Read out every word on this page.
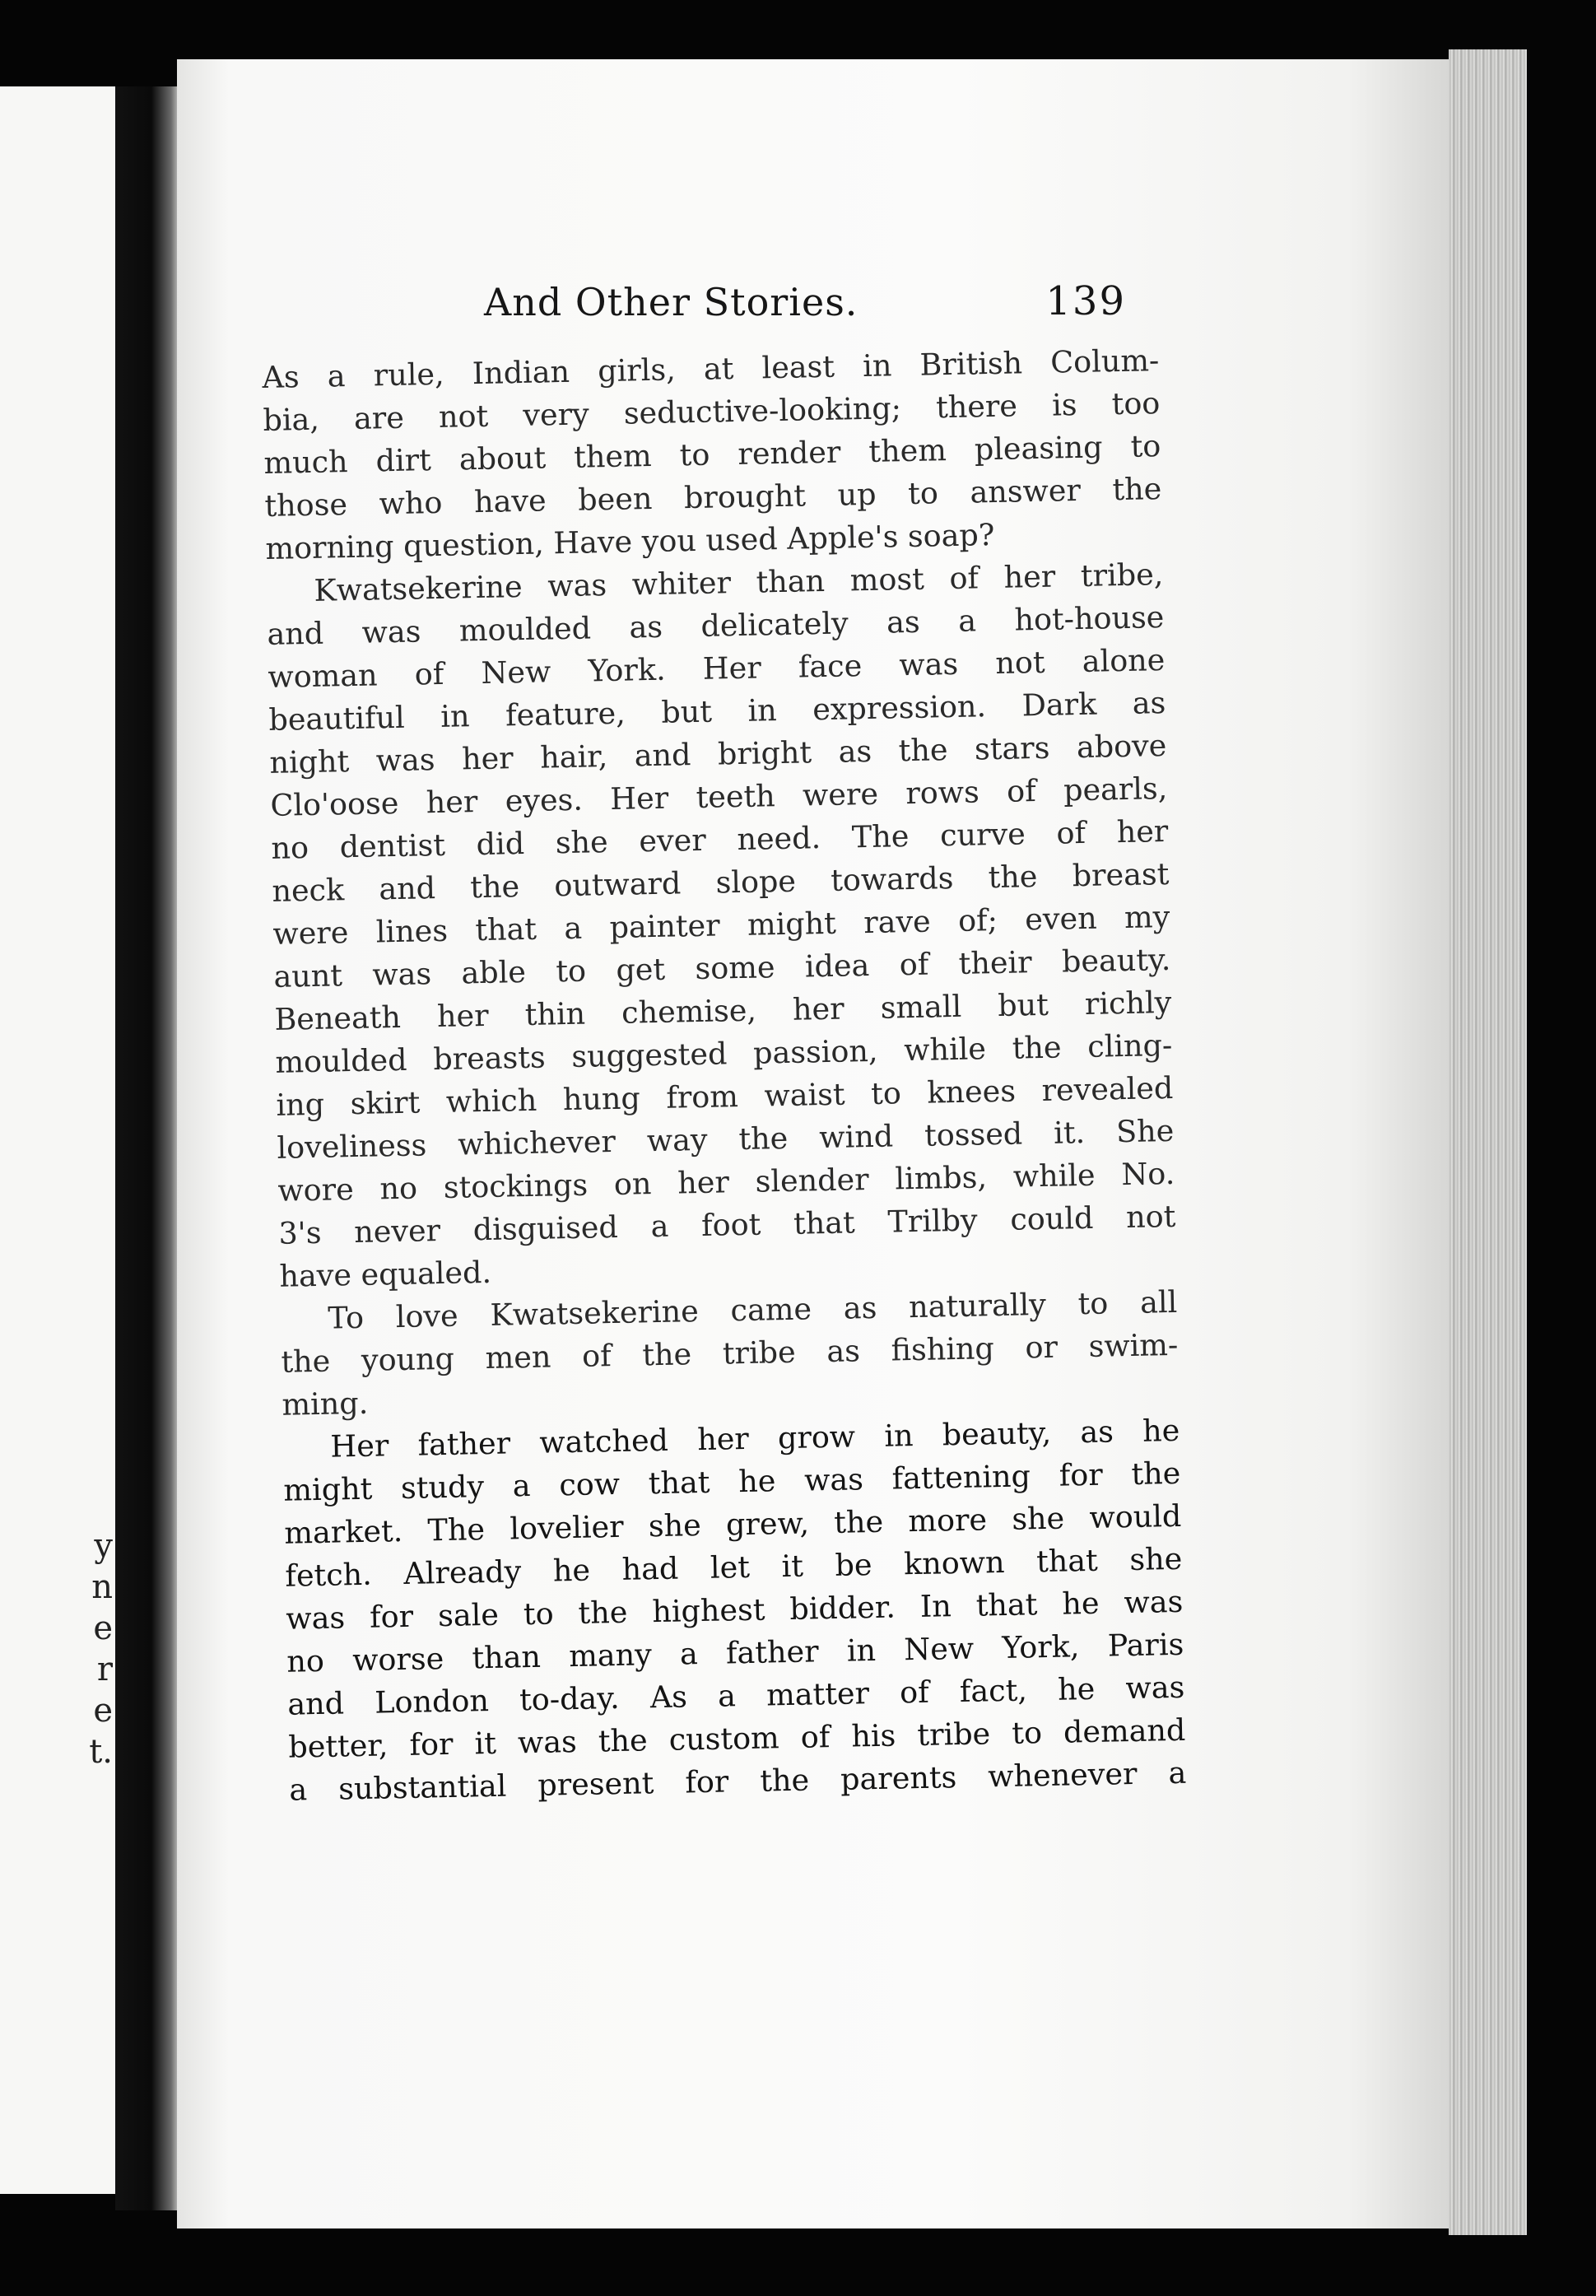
y
n
e
r
e
t.
And Other Stories.	139
As a rule, Indian girls, at least in British Colum-
bia, are not very seductive-looking; there is too
much dirt about them to render them pleasing to
those who have been brought up to answer the
morning question, Have you used Apple's soap?
Kwatsekerine was whiter than most of her tribe,
and was moulded as delicately as a hot-house
woman of New York. Her face was not alone
beautiful in feature, but in expression. Dark as
night was her hair, and bright as the stars above
Clo'oose her eyes. Her teeth were rows of pearls,
no dentist did she ever need. The curve of her
neck and the outward slope towards the breast
were lines that a painter might rave of; even my
aunt was able to get some idea of their beauty.
Beneath her thin chemise, her small but richly
moulded breasts suggested passion, while the cling-
ing skirt which hung from waist to knees revealed
loveliness whichever way the wind tossed it. She
wore no stockings on her slender limbs, while No.
3's never disguised a foot that Trilby could not
have equaled.
To love Kwatsekerine came as naturally to all
the young men of the tribe as fishing or swim-
ming.
Her father watched her grow in beauty, as he
might study a cow that he was fattening for the
market. The lovelier she grew, the more she would
fetch. Already he had let it be known that she
was for sale to the highest bidder. In that he was
no worse than many a father in New York, Paris
and London to-day. As a matter of fact, he was
better, for it was the custom of his tribe to demand
a substantial present for the parents whenever a
